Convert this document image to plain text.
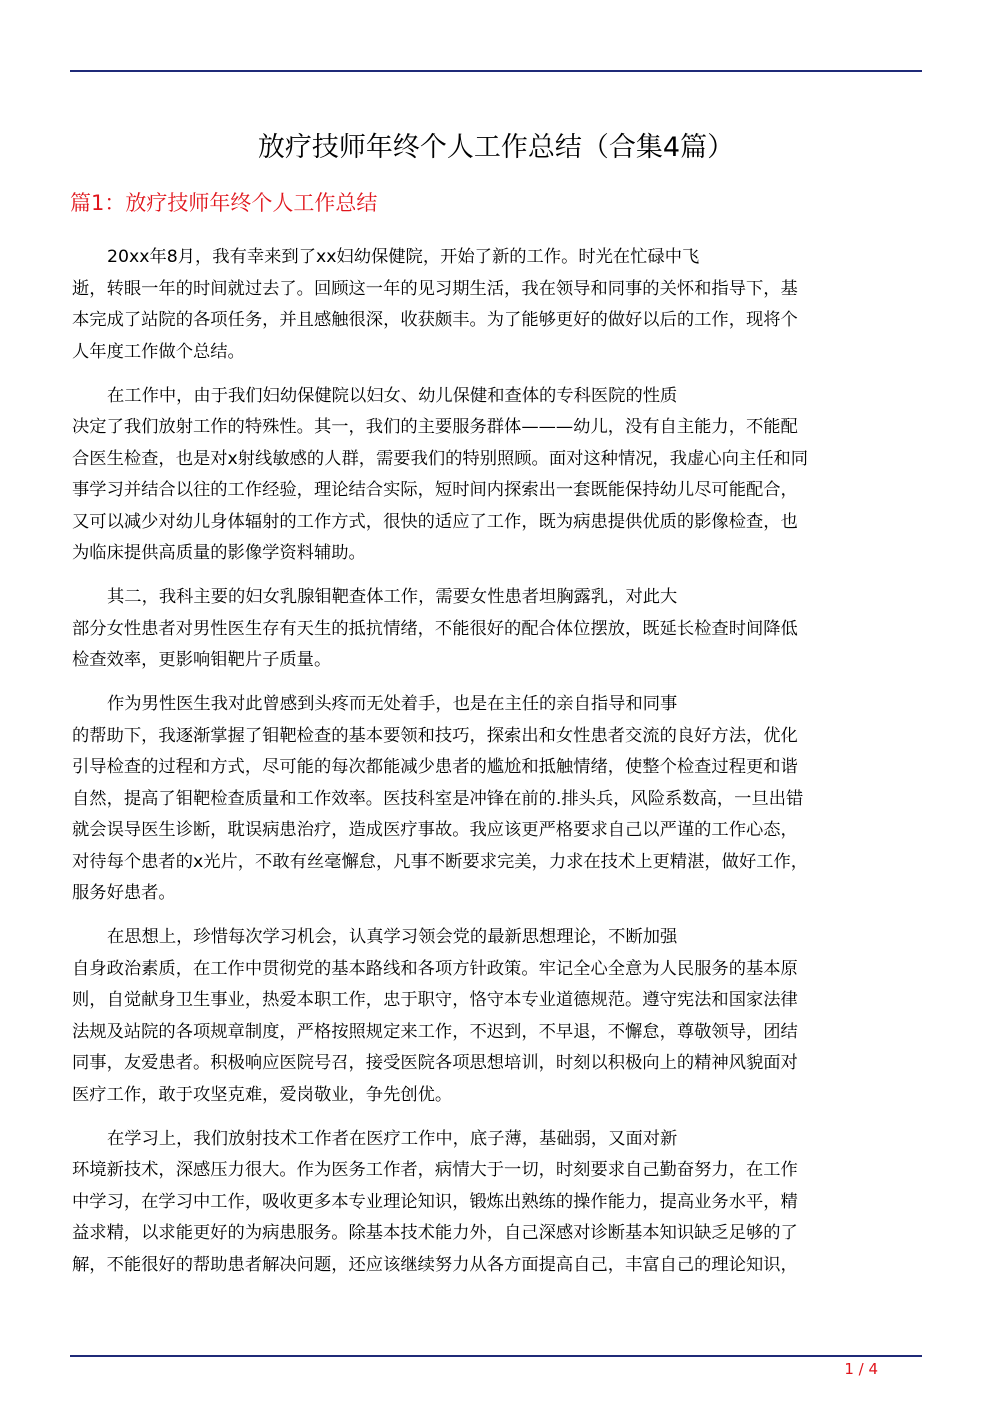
放疗技师年终个人工作总结（合集4篇）
篇1：放疗技师年终个人工作总结
20xx年8月，我有幸来到了xx妇幼保健院，开始了新的工作。时光在忙碌中飞
逝，转眼一年的时间就过去了。回顾这一年的见习期生活，我在领导和同事的关怀和指导下，基
本完成了站院的各项任务，并且感触很深，收获颇丰。为了能够更好的做好以后的工作，现将个
人年度工作做个总结。
在工作中，由于我们妇幼保健院以妇女、幼儿保健和查体的专科医院的性质
决定了我们放射工作的特殊性。其一，我们的主要服务群体———幼儿，没有自主能力，不能配
合医生检查，也是对x射线敏感的人群，需要我们的特别照顾。面对这种情况，我虚心向主任和同
事学习并结合以往的工作经验，理论结合实际，短时间内探索出一套既能保持幼儿尽可能配合，
又可以减少对幼儿身体辐射的工作方式，很快的适应了工作，既为病患提供优质的影像检查，也
为临床提供高质量的影像学资料辅助。
其二，我科主要的妇女乳腺钼靶查体工作，需要女性患者坦胸露乳，对此大
部分女性患者对男性医生存有天生的抵抗情绪，不能很好的配合体位摆放，既延长检查时间降低
检查效率，更影响钼靶片子质量。
作为男性医生我对此曾感到头疼而无处着手，也是在主任的亲自指导和同事
的帮助下，我逐渐掌握了钼靶检查的基本要领和技巧，探索出和女性患者交流的良好方法，优化
引导检查的过程和方式，尽可能的每次都能减少患者的尴尬和抵触情绪，使整个检查过程更和谐
自然，提高了钼靶检查质量和工作效率。医技科室是冲锋在前的.排头兵，风险系数高，一旦出错
就会误导医生诊断，耽误病患治疗，造成医疗事故。我应该更严格要求自己以严谨的工作心态，
对待每个患者的x光片，不敢有丝毫懈怠，凡事不断要求完美，力求在技术上更精湛，做好工作，
服务好患者。
在思想上，珍惜每次学习机会，认真学习领会党的最新思想理论，不断加强
自身政治素质，在工作中贯彻党的基本路线和各项方针政策。牢记全心全意为人民服务的基本原
则，自觉献身卫生事业，热爱本职工作，忠于职守，恪守本专业道德规范。遵守宪法和国家法律
法规及站院的各项规章制度，严格按照规定来工作，不迟到，不早退，不懈怠，尊敬领导，团结
同事，友爱患者。积极响应医院号召，接受医院各项思想培训，时刻以积极向上的精神风貌面对
医疗工作，敢于攻坚克难，爱岗敬业，争先创优。
在学习上，我们放射技术工作者在医疗工作中，底子薄，基础弱，又面对新
环境新技术，深感压力很大。作为医务工作者，病情大于一切，时刻要求自己勤奋努力，在工作
中学习，在学习中工作，吸收更多本专业理论知识，锻炼出熟练的操作能力，提高业务水平，精
益求精，以求能更好的为病患服务。除基本技术能力外，自己深感对诊断基本知识缺乏足够的了
解，不能很好的帮助患者解决问题，还应该继续努力从各方面提高自己，丰富自己的理论知识，
1 / 4
